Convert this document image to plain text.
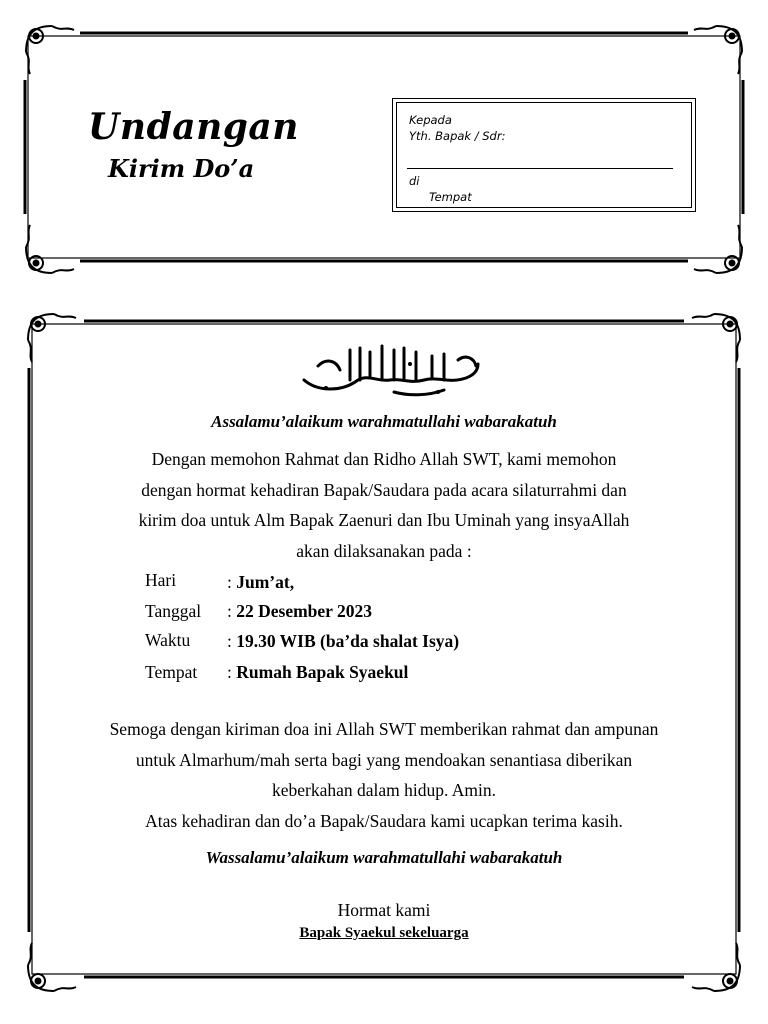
Undangan
Kirim Do’a
Kepada
Yth. Bapak / Sdr:
di
Tempat
Assalamu’alaikum warahmatullahi wabarakatuh
Dengan memohon Rahmat dan Ridho Allah SWT, kami memohon
dengan hormat kehadiran Bapak/Saudara pada acara silaturrahmi dan
kirim doa untuk Alm Bapak Zaenuri dan Ibu Uminah yang insyaAllah
akan dilaksanakan pada :
Hari	: Jum’at,
Tanggal : 22 Desember 2023
Waktu : 19.30 WIB (ba’da shalat Isya)
Tempat : Rumah Bapak Syaekul
Semoga dengan kiriman doa ini Allah SWT memberikan rahmat dan ampunan
untuk Almarhum/mah serta bagi yang mendoakan senantiasa diberikan
keberkahan dalam hidup. Amin.
Atas kehadiran dan do’a Bapak/Saudara kami ucapkan terima kasih.
Wassalamu’alaikum warahmatullahi wabarakatuh
Hormat kami
Bapak Syaekul sekeluarga
